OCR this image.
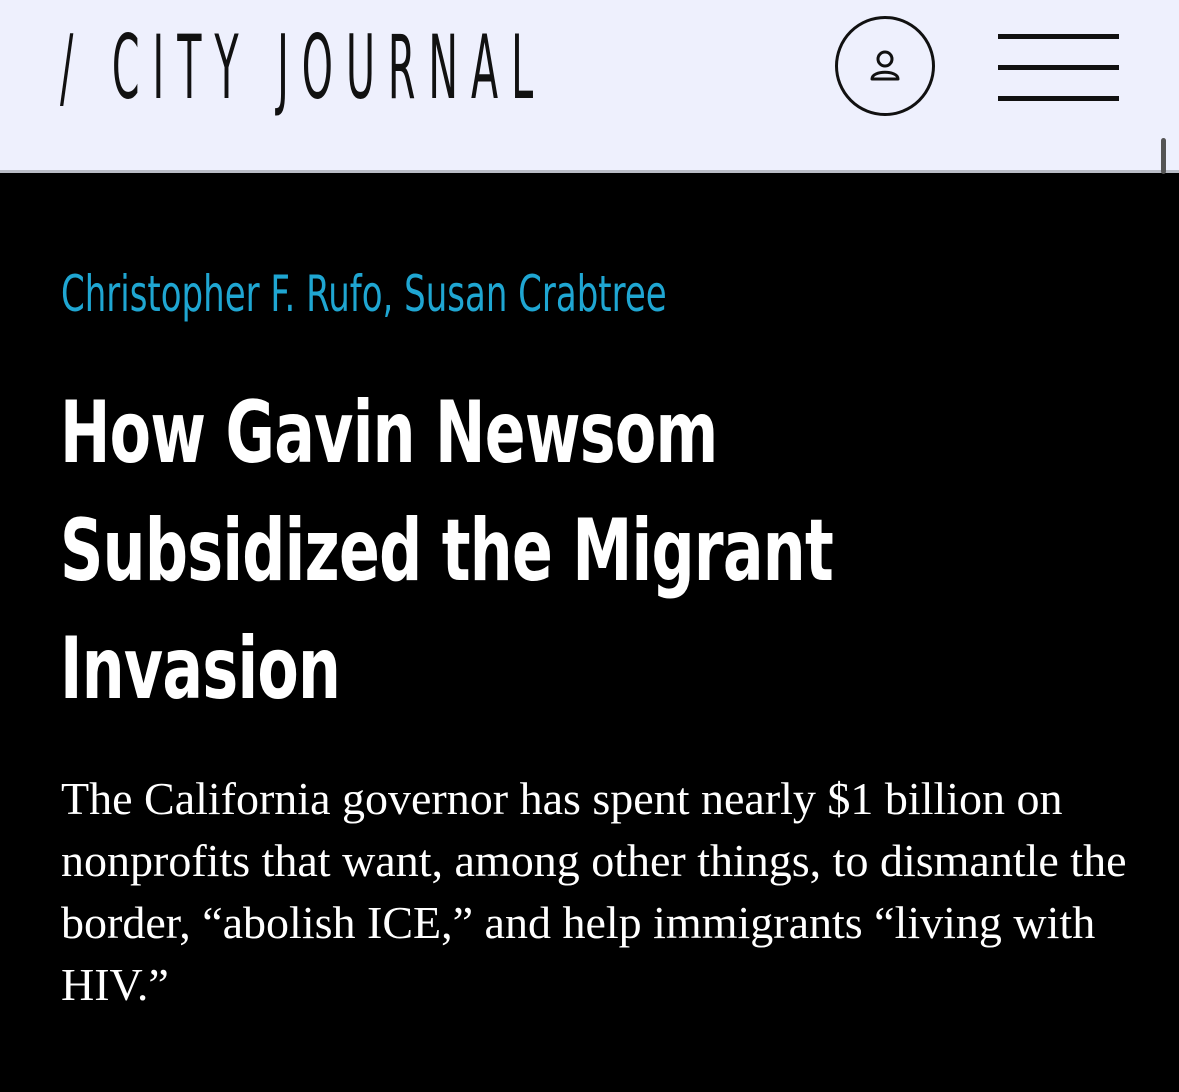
/ CITY JOURNAL
Christopher F. Rufo, Susan Crabtree
How Gavin Newsom Subsidized the Migrant Invasion

The California governor has spent nearly $1 billion on nonprofits that want, among other things, to dismantle the border, “abolish ICE,” and help immigrants “living with HIV.”
